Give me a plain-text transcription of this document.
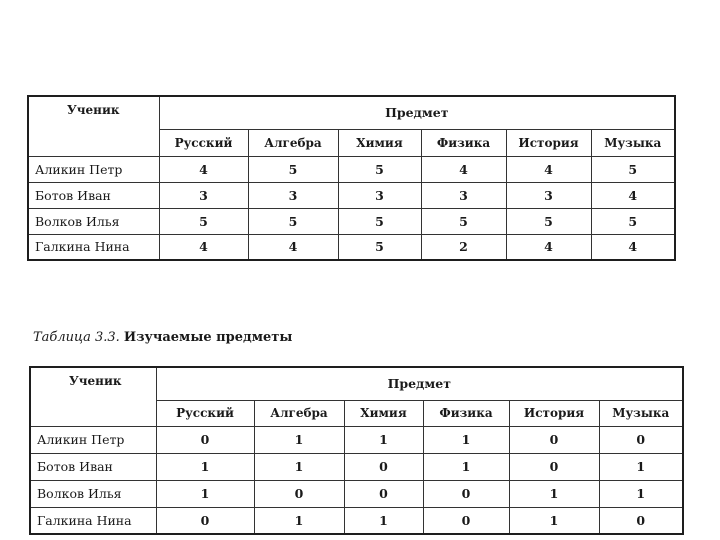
Ученик	Предмет					
	Русский	Алгебра	Химия	Физика	История	Музыка
Аликин Петр	4	5	5	4	4	5
Ботов Иван	3	3	3	3	3	4
Волков Илья	5	5	5	5	5	5
Галкина Нина	4	4	5	2	4	4
Таблица 3.3. Изучаемые предметы
Ученик	Предмет					
	Русский	Алгебра	Химия	Физика	История	Музыка
Аликин Петр	0	1	1	1	0	0
Ботов Иван	1	1	0	1	0	1
Волков Илья	1	0	0	0	1	1
Галкина Нина	0	1	1	0	1	0
